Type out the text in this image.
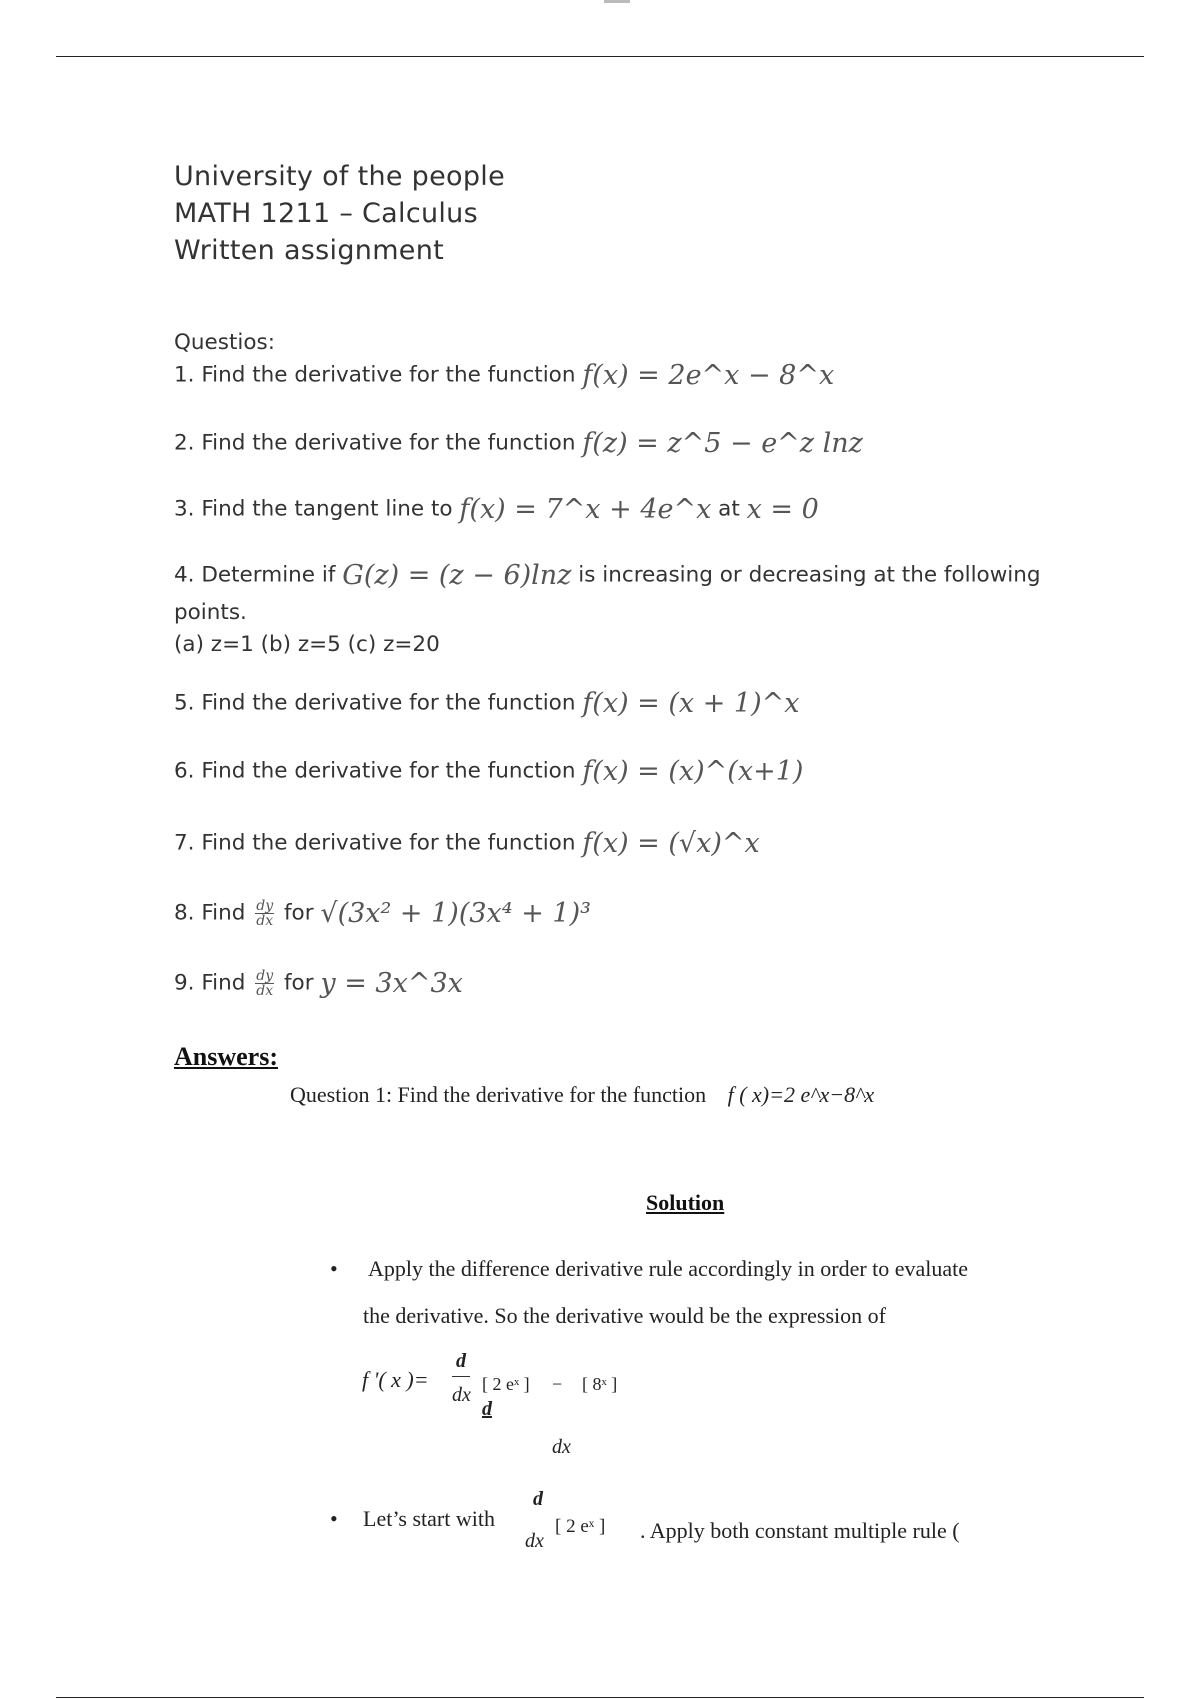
University of the people
MATH 1211 – Calculus
Written assignment
Questios:
1. Find the derivative for the function f(x) = 2e^x − 8^x
2. Find the derivative for the function f(z) = z^5 − e^z lnz
3. Find the tangent line to f(x) = 7^x + 4e^x at x = 0
4. Determine if G(z) = (z − 6)lnz is increasing or decreasing at the following
points.
(a) z=1 (b) z=5 (c) z=20
5. Find the derivative for the function f(x) = (x + 1)^x
6. Find the derivative for the function f(x) = (x)^(x+1)
7. Find the derivative for the function f(x) = (√x)^x
8. Find $\frac{dy}{dx}$ for √(3x² + 1)(3x⁴ + 1)³
9. Find $\frac{dy}{dx}$ for y = 3x^3x
Answers:
Question 1: Find the derivative for the function f ( x)=2 e^x−8^x
Solution
• Apply the difference derivative rule accordingly in order to evaluate
the derivative. So the derivative would be the expression of
f '( x )=
d
dx [ 2 eˣ ] − [ 8ˣ ]
d
dx
• Let’s start with
d
dx
[ 2 eˣ ] . Apply both constant multiple rule (
